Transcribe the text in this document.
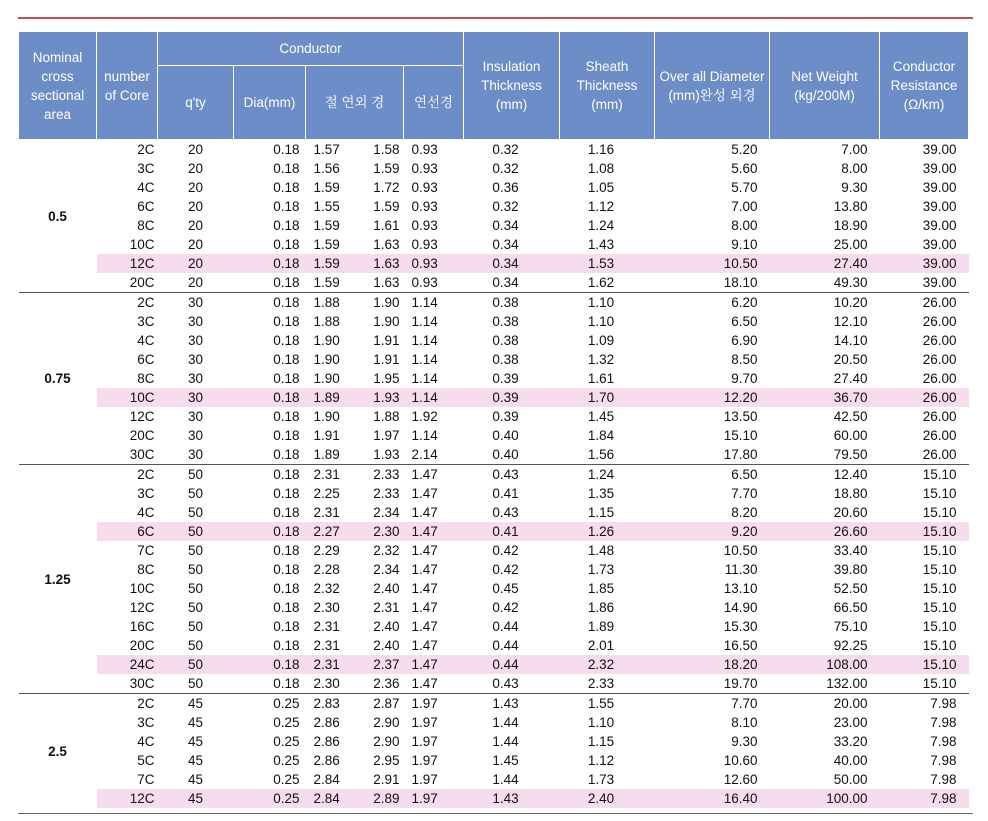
Nominal cross sectional area	number of Core	Conductor					Insulation Thickness (mm)	Sheath Thickness (mm)	Over all Diameter (mm)완성 외경	Net Weight (kg/200M)	Conductor Resistance (Ω/km)
		q'ty	Dia(mm)	절 연외 경		연선경					
0.5	2C	20	0.18	1.57	1.58	0.93	0.32	1.16	5.20	7.00	39.00
	3C	20	0.18	1.56	1.59	0.93	0.32	1.08	5.60	8.00	39.00
	4C	20	0.18	1.59	1.72	0.93	0.36	1.05	5.70	9.30	39.00
	6C	20	0.18	1.55	1.59	0.93	0.32	1.12	7.00	13.80	39.00
	8C	20	0.18	1.59	1.61	0.93	0.34	1.24	8.00	18.90	39.00
	10C	20	0.18	1.59	1.63	0.93	0.34	1.43	9.10	25.00	39.00
	12C	20	0.18	1.59	1.63	0.93	0.34	1.53	10.50	27.40	39.00
	20C	20	0.18	1.59	1.63	0.93	0.34	1.62	18.10	49.30	39.00
0.75	2C	30	0.18	1.88	1.90	1.14	0.38	1.10	6.20	10.20	26.00
	3C	30	0.18	1.88	1.90	1.14	0.38	1.10	6.50	12.10	26.00
	4C	30	0.18	1.90	1.91	1.14	0.38	1.09	6.90	14.10	26.00
	6C	30	0.18	1.90	1.91	1.14	0.38	1.32	8.50	20.50	26.00
	8C	30	0.18	1.90	1.95	1.14	0.39	1.61	9.70	27.40	26.00
	10C	30	0.18	1.89	1.93	1.14	0.39	1.70	12.20	36.70	26.00
	12C	30	0.18	1.90	1.88	1.92	0.39	1.45	13.50	42.50	26.00
	20C	30	0.18	1.91	1.97	1.14	0.40	1.84	15.10	60.00	26.00
	30C	30	0.18	1.89	1.93	2.14	0.40	1.56	17.80	79.50	26.00
1.25	2C	50	0.18	2.31	2.33	1.47	0.43	1.24	6.50	12.40	15.10
	3C	50	0.18	2.25	2.33	1.47	0.41	1.35	7.70	18.80	15.10
	4C	50	0.18	2.31	2.34	1.47	0.43	1.15	8.20	20.60	15.10
	6C	50	0.18	2.27	2.30	1.47	0.41	1.26	9.20	26.60	15.10
	7C	50	0.18	2.29	2.32	1.47	0.42	1.48	10.50	33.40	15.10
	8C	50	0.18	2.28	2.34	1.47	0.42	1.73	11.30	39.80	15.10
	10C	50	0.18	2.32	2.40	1.47	0.45	1.85	13.10	52.50	15.10
	12C	50	0.18	2.30	2.31	1.47	0.42	1.86	14.90	66.50	15.10
	16C	50	0.18	2.31	2.40	1.47	0.44	1.89	15.30	75.10	15.10
	20C	50	0.18	2.31	2.40	1.47	0.44	2.01	16.50	92.25	15.10
	24C	50	0.18	2.31	2.37	1.47	0.44	2.32	18.20	108.00	15.10
	30C	50	0.18	2.30	2.36	1.47	0.43	2.33	19.70	132.00	15.10
2.5	2C	45	0.25	2.83	2.87	1.97	1.43	1.55	7.70	20.00	7.98
	3C	45	0.25	2.86	2.90	1.97	1.44	1.10	8.10	23.00	7.98
	4C	45	0.25	2.86	2.90	1.97	1.44	1.15	9.30	33.20	7.98
	5C	45	0.25	2.86	2.95	1.97	1.45	1.12	10.60	40.00	7.98
	7C	45	0.25	2.84	2.91	1.97	1.44	1.73	12.60	50.00	7.98
	12C	45	0.25	2.84	2.89	1.97	1.43	2.40	16.40	100.00	7.98
